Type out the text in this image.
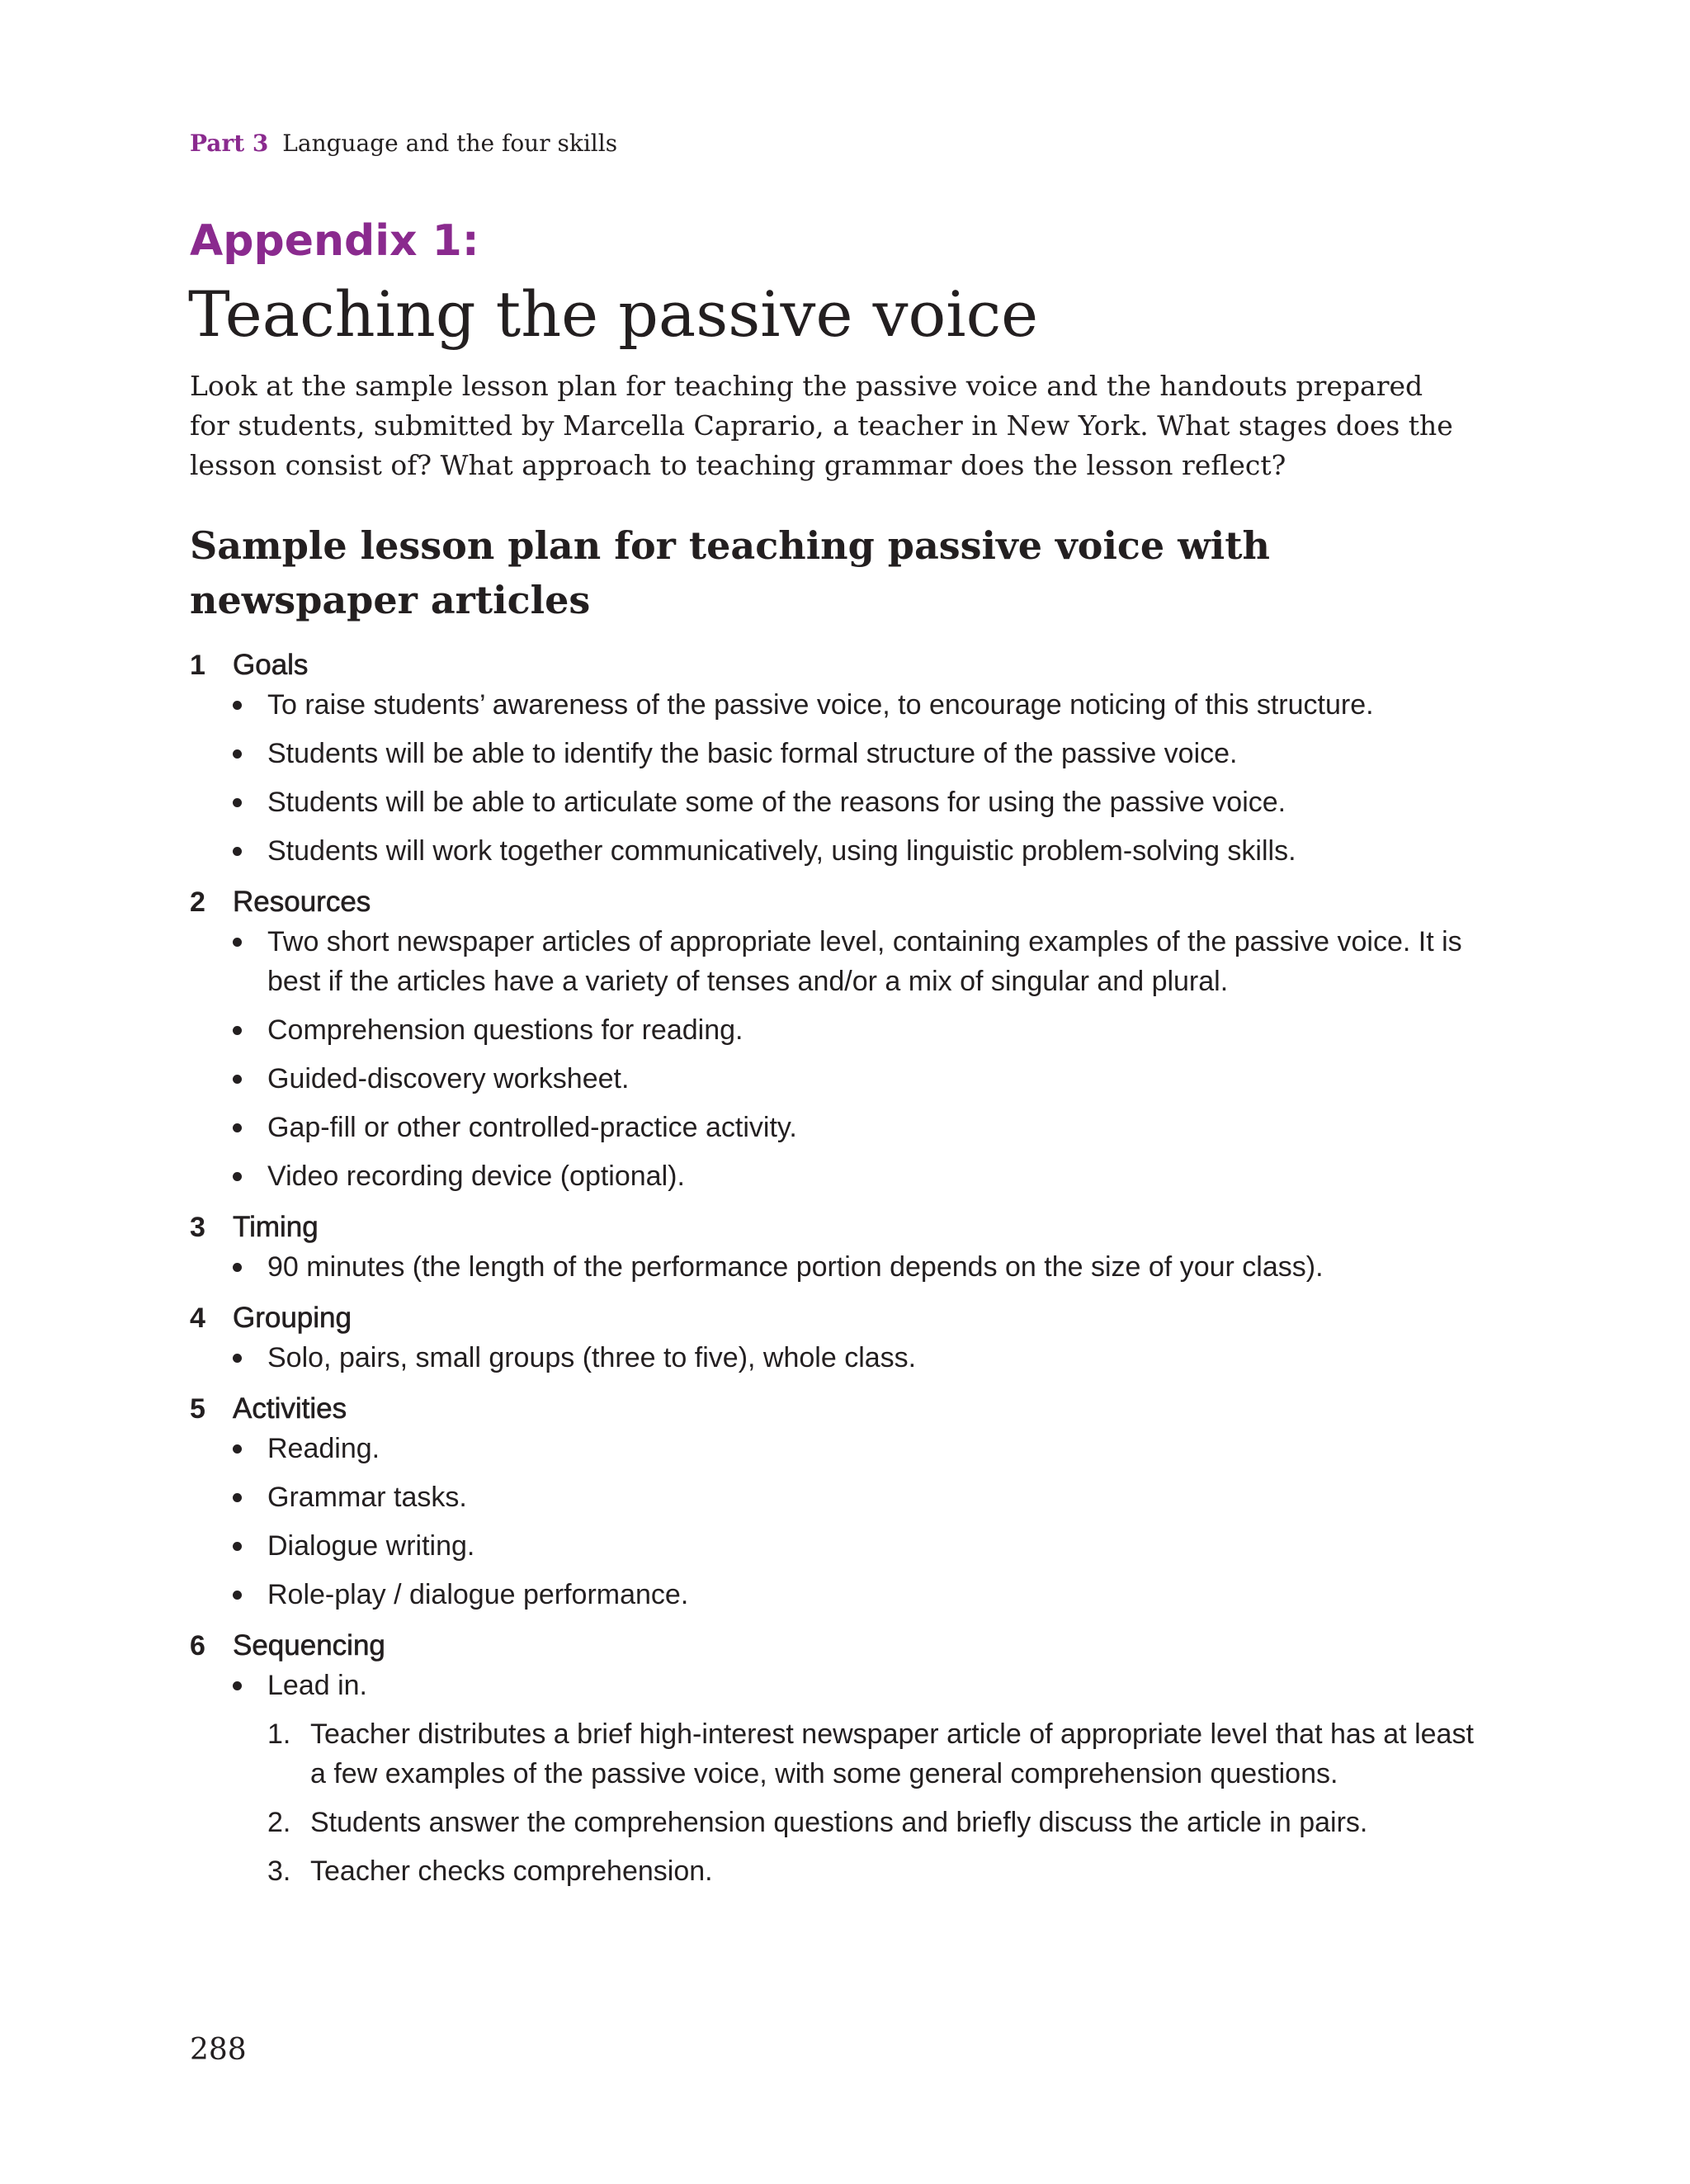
Part 3 Language and the four skills
Appendix 1:
Teaching the passive voice

Look at the sample lesson plan for teaching the passive voice and the handouts prepared for students, submitted by Marcella Caprario, a teacher in New York. What stages does the lesson consist of? What approach to teaching grammar does the lesson reflect?

Sample lesson plan for teaching passive voice with newspaper articles
1 Goals
To raise students’ awareness of the passive voice, to encourage noticing of this structure.
Students will be able to identify the basic formal structure of the passive voice.
Students will be able to articulate some of the reasons for using the passive voice.
Students will work together communicatively, using linguistic problem-solving skills.
2 Resources
Two short newspaper articles of appropriate level, containing examples of the passive voice. It is best if the articles have a variety of tenses and/or a mix of singular and plural.
Comprehension questions for reading.
Guided-discovery worksheet.
Gap-fill or other controlled-practice activity.
Video recording device (optional).
3 Timing
90 minutes (the length of the performance portion depends on the size of your class).
4 Grouping
Solo, pairs, small groups (three to five), whole class.
5 Activities
Reading.
Grammar tasks.
Dialogue writing.
Role-play / dialogue performance.
6 Sequencing
Lead in.
1. Teacher distributes a brief high-interest newspaper article of appropriate level that has at least a few examples of the passive voice, with some general comprehension questions.
2. Students answer the comprehension questions and briefly discuss the article in pairs.
3. Teacher checks comprehension.
288
